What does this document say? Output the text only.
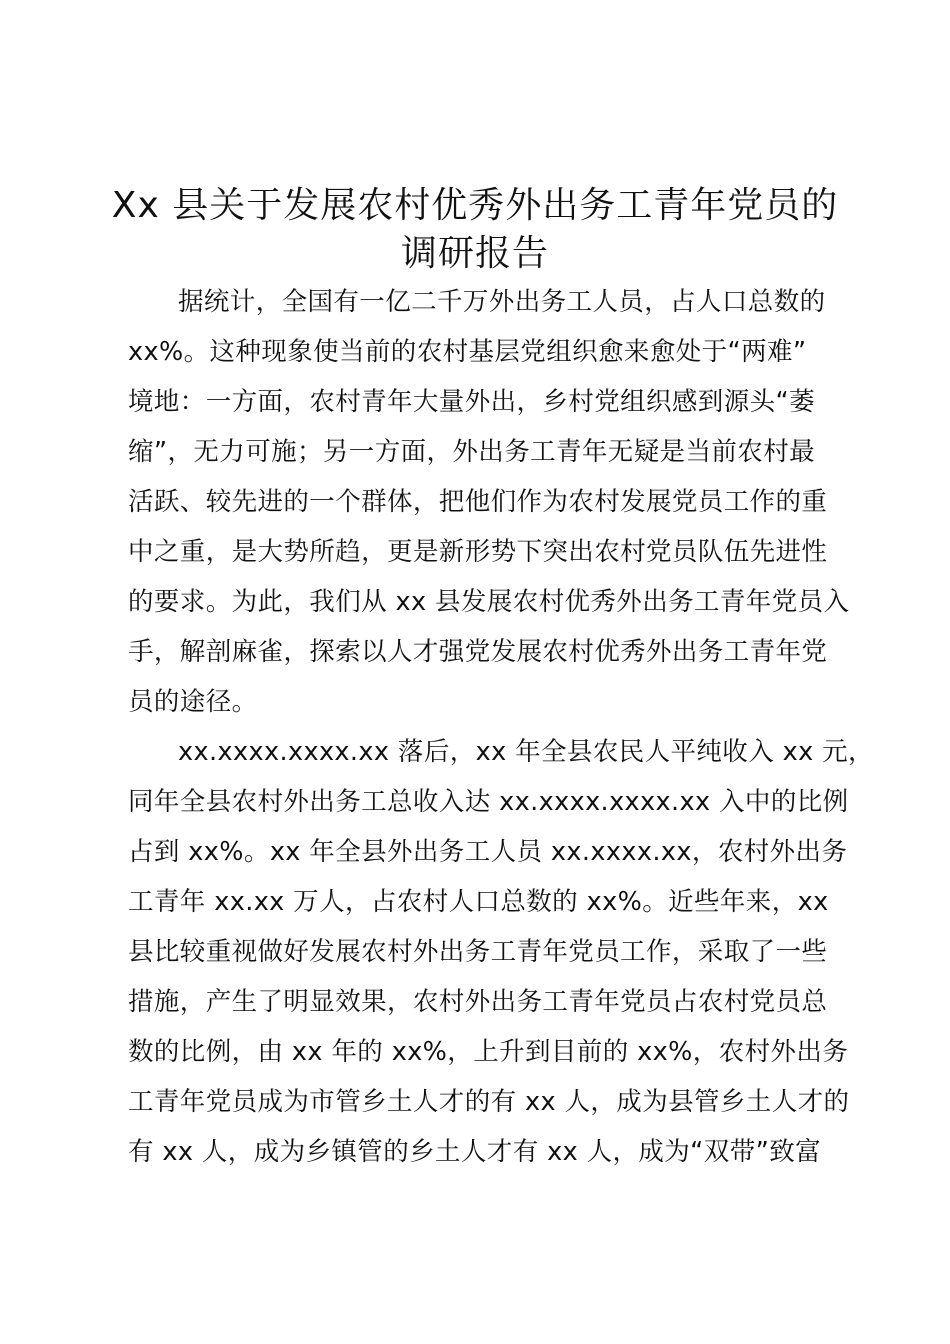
Xx 县关于发展农村优秀外出务工青年党员的
调研报告
据统计，全国有一亿二千万外出务工人员，占人口总数的
xx%。这种现象使当前的农村基层党组织愈来愈处于“两难”
境地：一方面，农村青年大量外出，乡村党组织感到源头“萎
缩”，无力可施；另一方面，外出务工青年无疑是当前农村最
活跃、较先进的一个群体，把他们作为农村发展党员工作的重
中之重，是大势所趋，更是新形势下突出农村党员队伍先进性
的要求。为此，我们从 xx 县发展农村优秀外出务工青年党员入
手，解剖麻雀，探索以人才强党发展农村优秀外出务工青年党
员的途径。
xx.xxxx.xxxx.xx 落后，xx 年全县农民人平纯收入 xx 元，
同年全县农村外出务工总收入达 xx.xxxx.xxxx.xx 入中的比例
占到 xx%。xx 年全县外出务工人员 xx.xxxx.xx，农村外出务
工青年 xx.xx 万人，占农村人口总数的 xx%。近些年来，xx
县比较重视做好发展农村外出务工青年党员工作，采取了一些
措施，产生了明显效果，农村外出务工青年党员占农村党员总
数的比例，由 xx 年的 xx%，上升到目前的 xx%，农村外出务
工青年党员成为市管乡土人才的有 xx 人，成为县管乡土人才的
有 xx 人，成为乡镇管的乡土人才有 xx 人，成为“双带”致富
